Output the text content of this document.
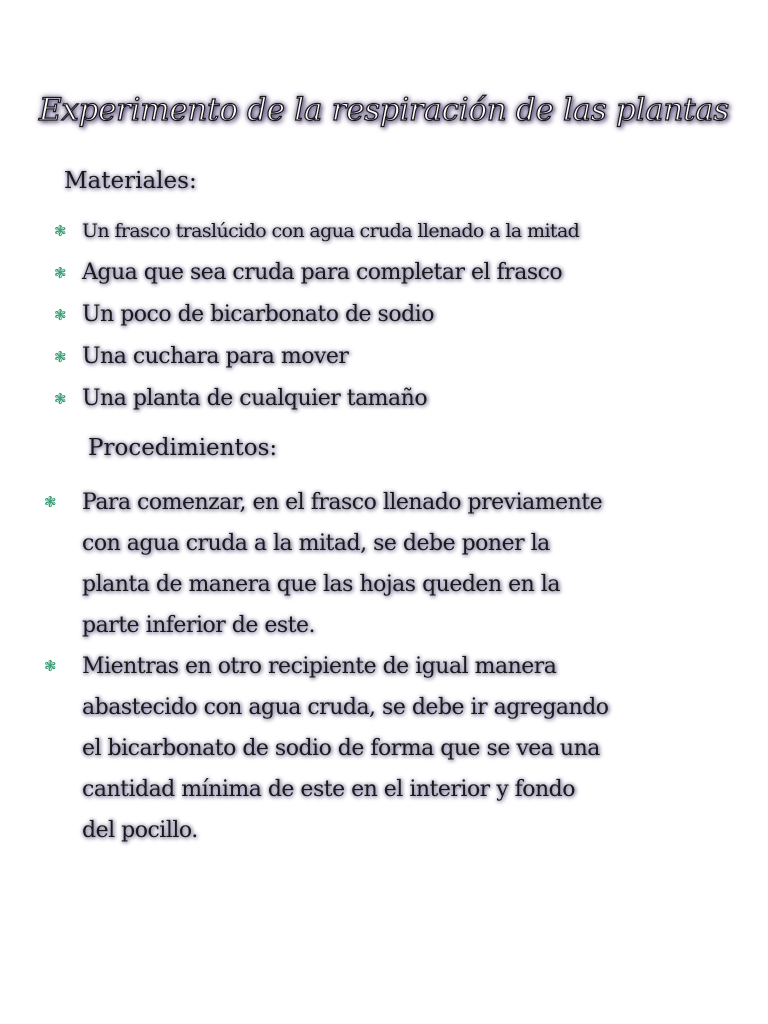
Experimento de la respiración de las plantas
Materiales:
❃ Un frasco traslúcido con agua cruda llenado a la mitad
❃ Agua que sea cruda para completar el frasco
❃ Un poco de bicarbonato de sodio
❃ Una cuchara para mover
❃ Una planta de cualquier tamaño
Procedimientos:
❃ Para comenzar, en el frasco llenado previamente
con agua cruda a la mitad, se debe poner la
planta de manera que las hojas queden en la
parte inferior de este.
❃ Mientras en otro recipiente de igual manera
abastecido con agua cruda, se debe ir agregando
el bicarbonato de sodio de forma que se vea una
cantidad mínima de este en el interior y fondo
del pocillo.
